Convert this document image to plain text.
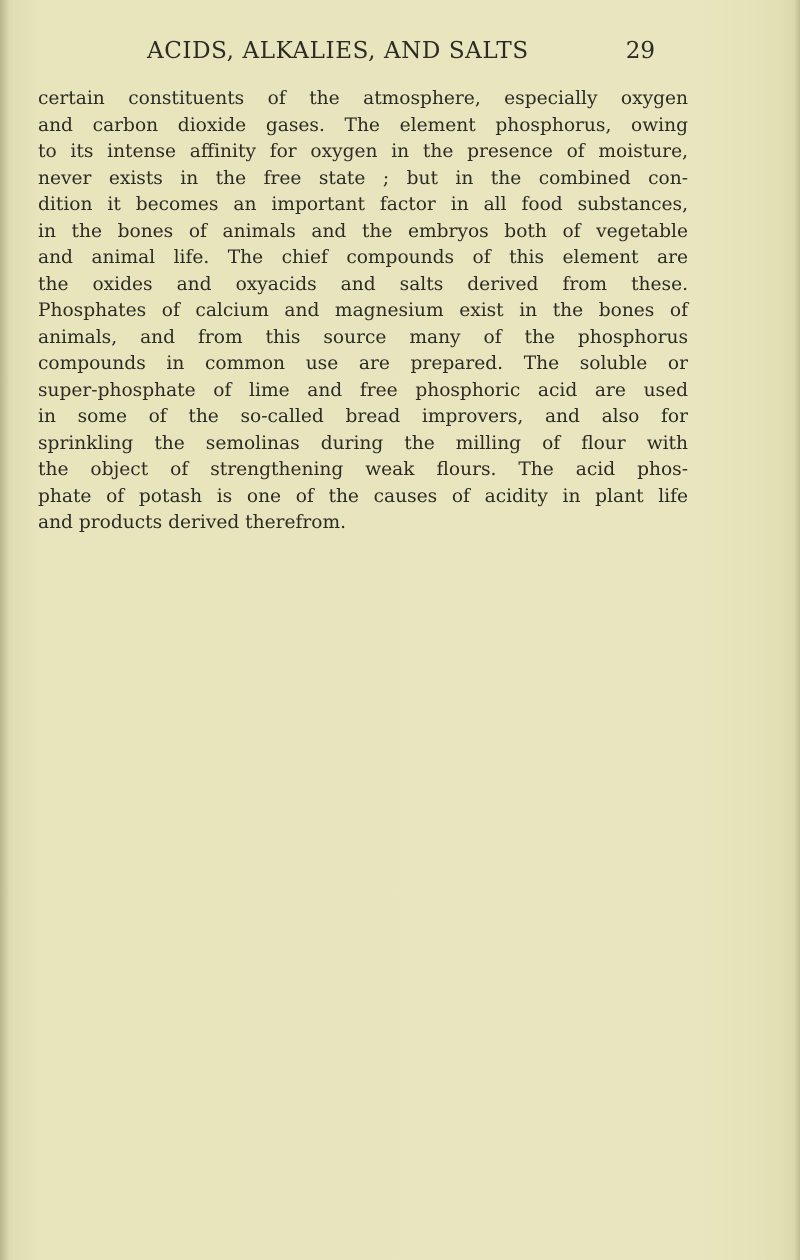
ACIDS, ALKALIES, AND SALTS	29
certain constituents of the atmosphere, especially oxygen
and carbon dioxide gases. The element phosphorus, owing
to its intense affinity for oxygen in the presence of moisture,
never exists in the free state ; but in the combined con-
dition it becomes an important factor in all food substances,
in the bones of animals and the embryos both of vegetable
and animal life. The chief compounds of this element are
the oxides and oxyacids and salts derived from these.
Phosphates of calcium and magnesium exist in the bones of
animals, and from this source many of the phosphorus
compounds in common use are prepared. The soluble or
super-phosphate of lime and free phosphoric acid are used
in some of the so-called bread improvers, and also for
sprinkling the semolinas during the milling of flour with
the object of strengthening weak flours. The acid phos-
phate of potash is one of the causes of acidity in plant life
and products derived therefrom.
